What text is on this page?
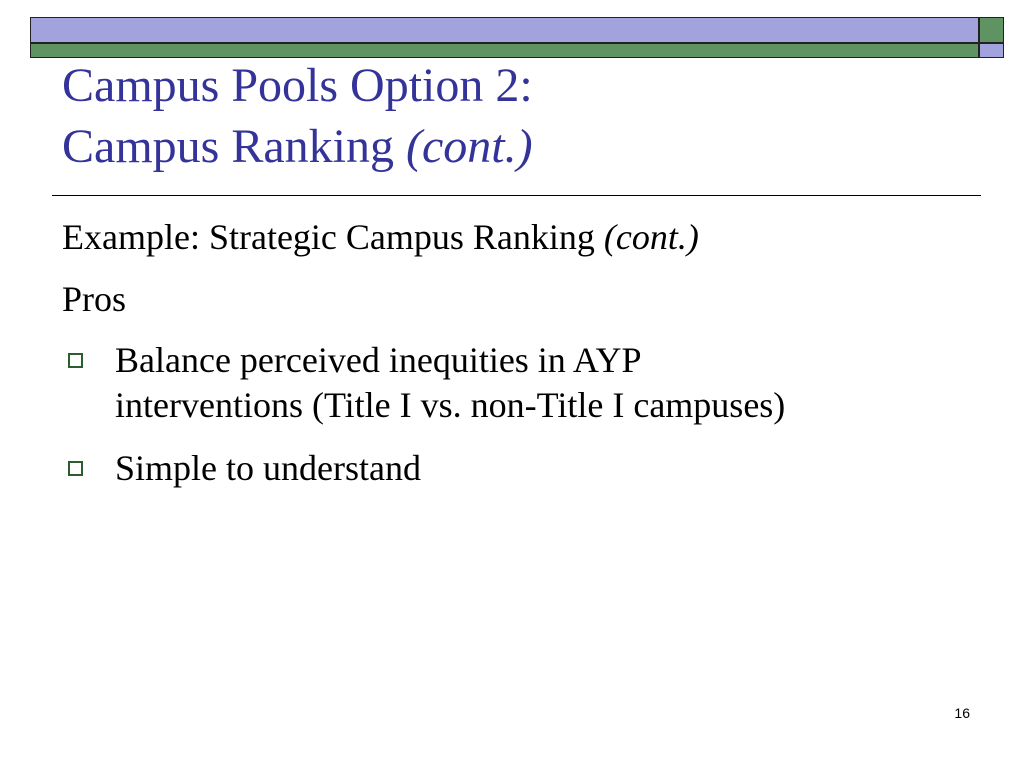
Campus Pools Option 2:
Campus Ranking (cont.)

Example: Strategic Campus Ranking (cont.)

Pros

Balance perceived inequities in AYP
interventions (Title I vs. non-Title I campuses)
Simple to understand
16
